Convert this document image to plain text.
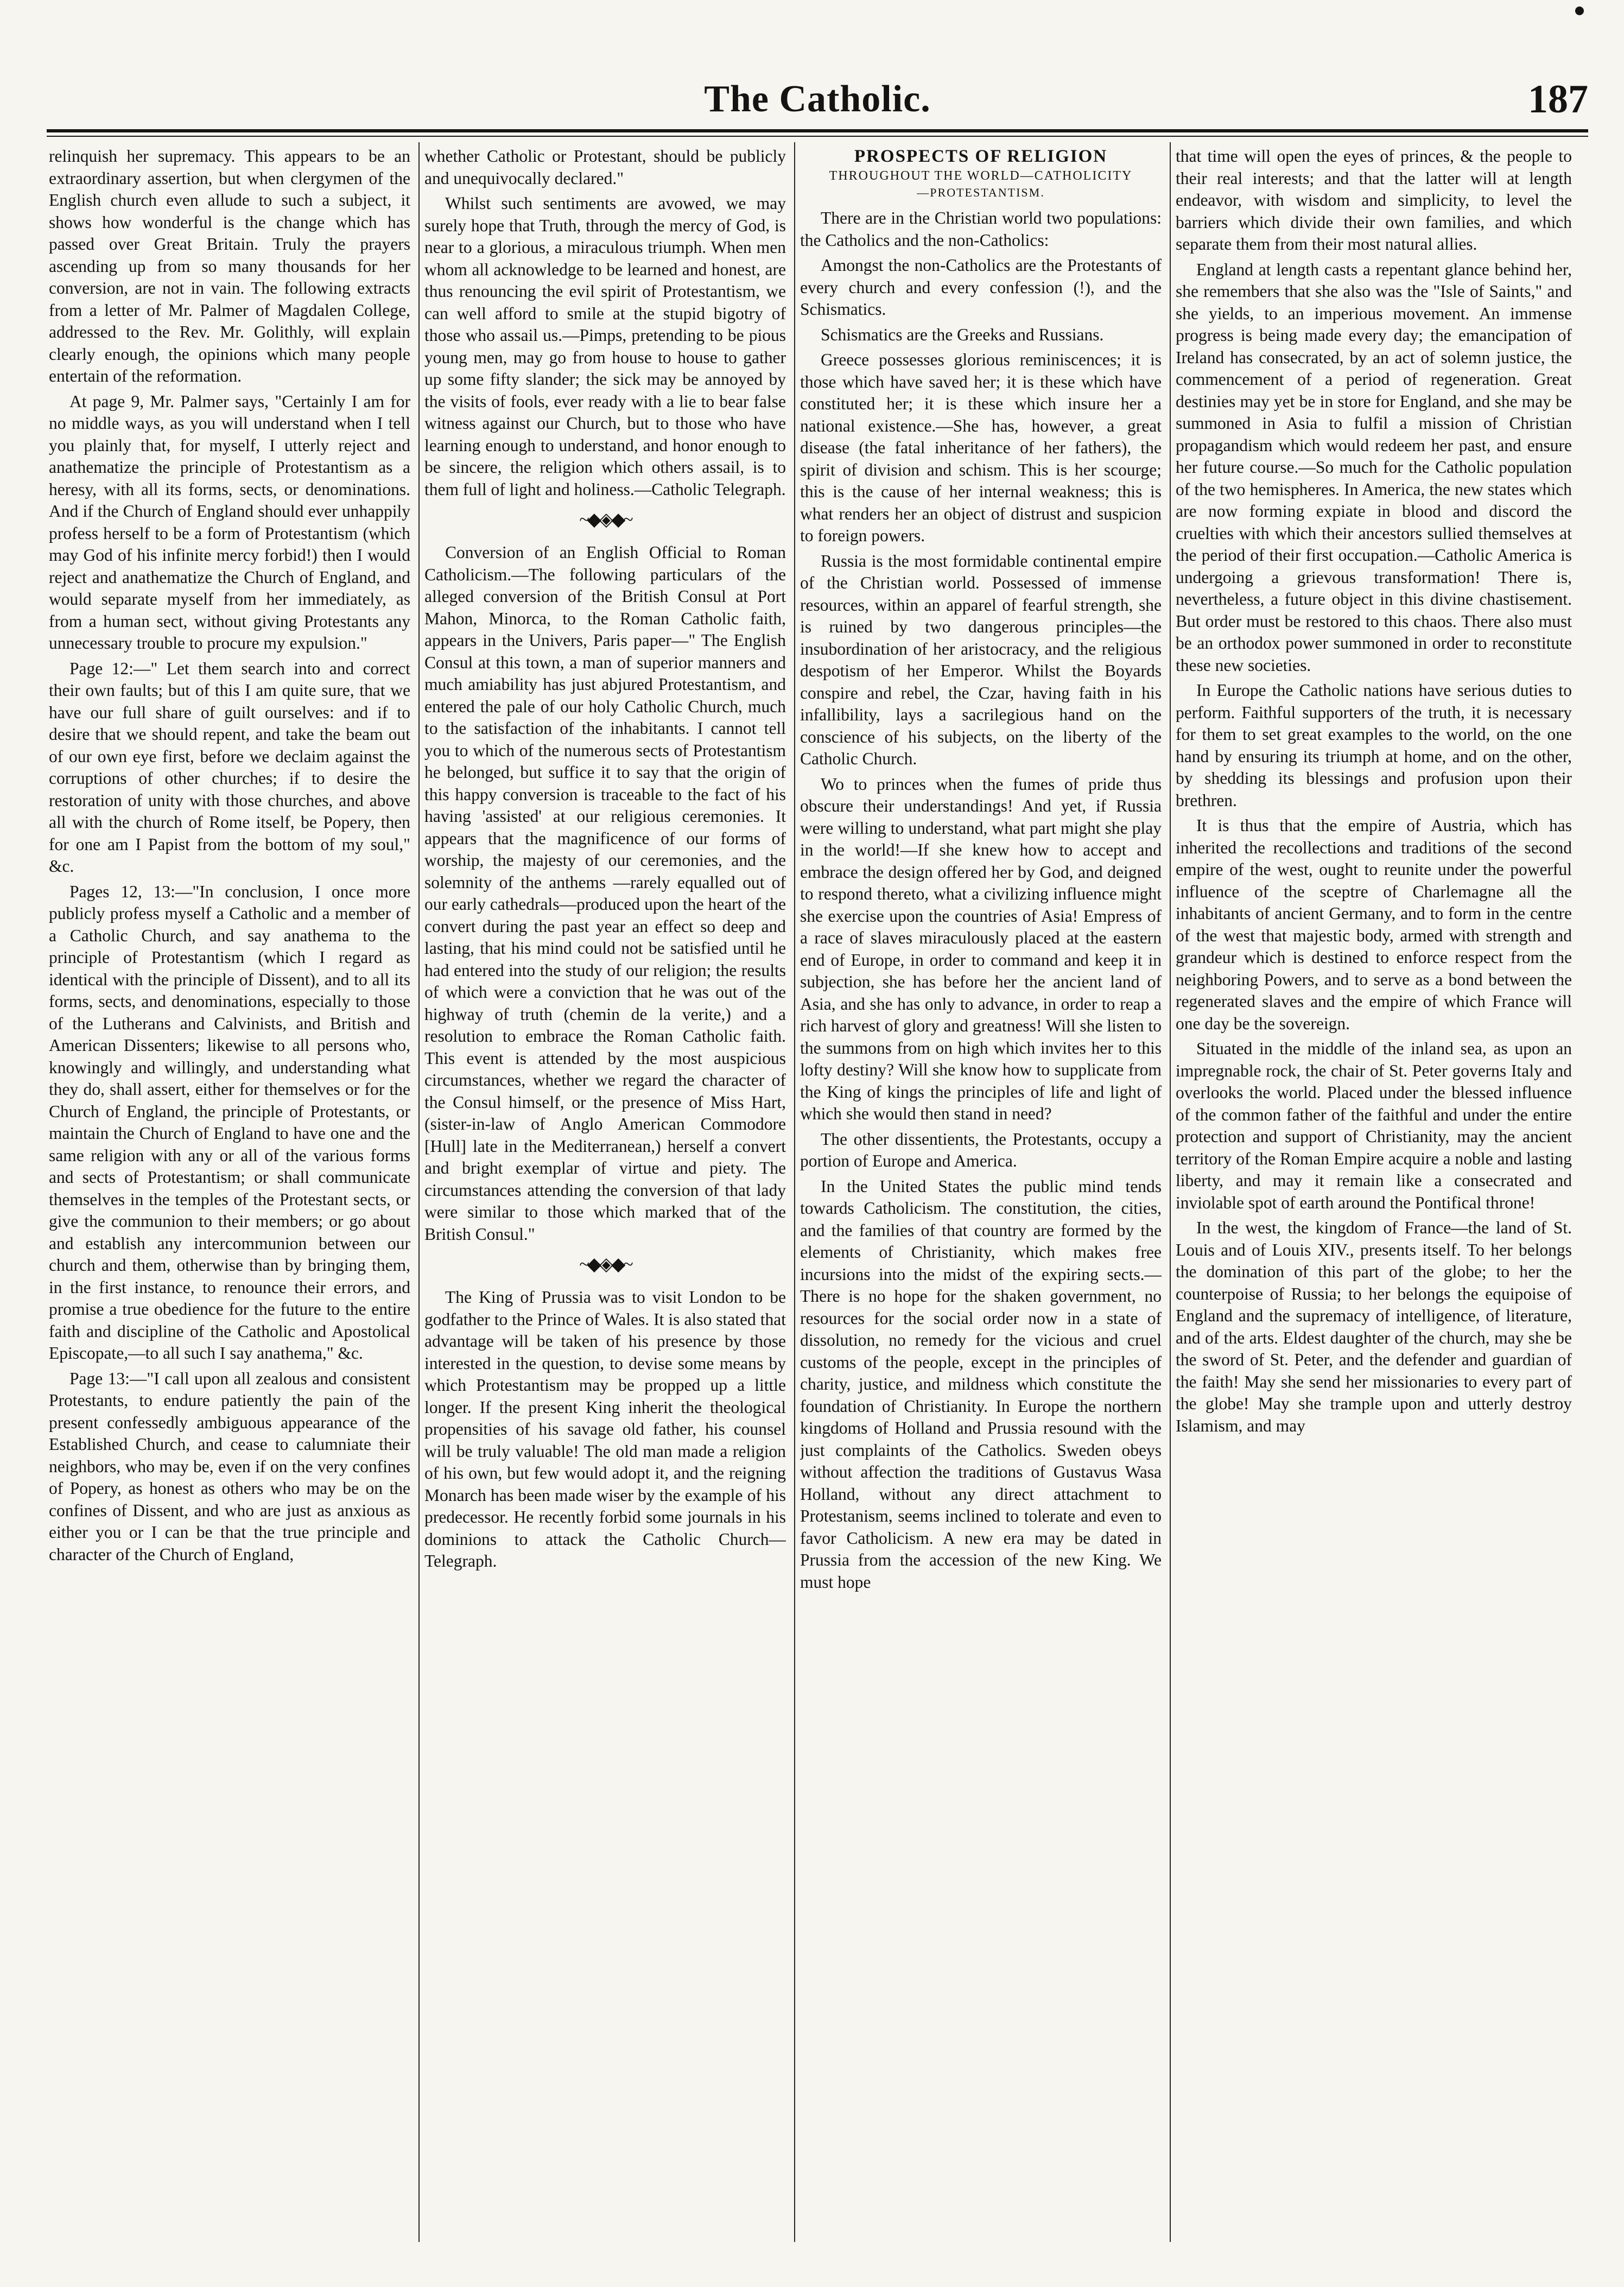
The Catholic.	187

relinquish her supremacy. This appears to be an extraordinary assertion, but when clergymen of the English church even allude to such a subject, it shows how wonderful is the change which has passed over Great Britain. Truly the prayers ascending up from so many thousands for her conversion, are not in vain. The following extracts from a letter of Mr. Palmer of Magdalen College, addressed to the Rev. Mr. Golithly, will explain clearly enough, the opinions which many people entertain of the reformation.

At page 9, Mr. Palmer says, "Certainly I am for no middle ways, as you will understand when I tell you plainly that, for myself, I utterly reject and anathematize the principle of Protestantism as a heresy, with all its forms, sects, or denominations. And if the Church of England should ever unhappily profess herself to be a form of Protestantism (which may God of his infinite mercy forbid!) then I would reject and anathematize the Church of England, and would separate myself from her immediately, as from a human sect, without giving Protestants any unnecessary trouble to procure my expulsion."

Page 12:—" Let them search into and correct their own faults; but of this I am quite sure, that we have our full share of guilt ourselves: and if to desire that we should repent, and take the beam out of our own eye first, before we declaim against the corruptions of other churches; if to desire the restoration of unity with those churches, and above all with the church of Rome itself, be Popery, then for one am I Papist from the bottom of my soul," &c.

Pages 12, 13:—"In conclusion, I once more publicly profess myself a Catholic and a member of a Catholic Church, and say anathema to the principle of Protestantism (which I regard as identical with the principle of Dissent), and to all its forms, sects, and denominations, especially to those of the Lutherans and Calvinists, and British and American Dissenters; likewise to all persons who, knowingly and willingly, and understanding what they do, shall assert, either for themselves or for the Church of England, the principle of Protestants, or maintain the Church of England to have one and the same religion with any or all of the various forms and sects of Protestantism; or shall communicate themselves in the temples of the Protestant sects, or give the communion to their members; or go about and establish any intercommunion between our church and them, otherwise than by bringing them, in the first instance, to renounce their errors, and promise a true obedience for the future to the entire faith and discipline of the Catholic and Apostolical Episcopate,—to all such I say anathema," &c.

Page 13:—"I call upon all zealous and consistent Protestants, to endure patiently the pain of the present confessedly ambiguous appearance of the Established Church, and cease to calumniate their neighbors, who may be, even if on the very confines of Popery, as honest as others who may be on the confines of Dissent, and who are just as anxious as either you or I can be that the true principle and character of the Church of England,

whether Catholic or Protestant, should be publicly and unequivocally declared."

Whilst such sentiments are avowed, we may surely hope that Truth, through the mercy of God, is near to a glorious, a miraculous triumph. When men whom all acknowledge to be learned and honest, are thus renouncing the evil spirit of Protestantism, we can well afford to smile at the stupid bigotry of those who assail us.—Pimps, pretending to be pious young men, may go from house to house to gather up some fifty slander; the sick may be annoyed by the visits of fools, ever ready with a lie to bear false witness against our Church, but to those who have learning enough to understand, and honor enough to be sincere, the religion which others assail, is to them full of light and holiness.—Catholic Telegraph.

~◆◈◆~

Conversion of an English Official to Roman Catholicism.—The following particulars of the alleged conversion of the British Consul at Port Mahon, Minorca, to the Roman Catholic faith, appears in the Univers, Paris paper—" The English Consul at this town, a man of superior manners and much amiability has just abjured Protestantism, and entered the pale of our holy Catholic Church, much to the satisfaction of the inhabitants. I cannot tell you to which of the numerous sects of Protestantism he belonged, but suffice it to say that the origin of this happy conversion is traceable to the fact of his having 'assisted' at our religious ceremonies. It appears that the magnificence of our forms of worship, the majesty of our ceremonies, and the solemnity of the anthems —rarely equalled out of our early cathedrals—produced upon the heart of the convert during the past year an effect so deep and lasting, that his mind could not be satisfied until he had entered into the study of our religion; the results of which were a conviction that he was out of the highway of truth (chemin de la verite,) and a resolution to embrace the Roman Catholic faith. This event is attended by the most auspicious circumstances, whether we regard the character of the Consul himself, or the presence of Miss Hart, (sister-in-law of Anglo American Commodore [Hull] late in the Mediterranean,) herself a convert and bright exemplar of virtue and piety. The circumstances attending the conversion of that lady were similar to those which marked that of the British Consul."

~◆◈◆~

The King of Prussia was to visit London to be godfather to the Prince of Wales. It is also stated that advantage will be taken of his presence by those interested in the question, to devise some means by which Protestantism may be propped up a little longer. If the present King inherit the theological propensities of his savage old father, his counsel will be truly valuable! The old man made a religion of his own, but few would adopt it, and the reigning Monarch has been made wiser by the example of his predecessor. He recently forbid some journals in his dominions to attack the Catholic Church—Telegraph.

PROSPECTS OF RELIGION
THROUGHOUT THE WORLD—CATHOLICITY
—PROTESTANTISM.

There are in the Christian world two populations: the Catholics and the non-Catholics:

Amongst the non-Catholics are the Protestants of every church and every confession (!), and the Schismatics.

Schismatics are the Greeks and Russians.

Greece possesses glorious reminiscences; it is those which have saved her; it is these which have constituted her; it is these which insure her a national existence.—She has, however, a great disease (the fatal inheritance of her fathers), the spirit of division and schism. This is her scourge; this is the cause of her internal weakness; this is what renders her an object of distrust and suspicion to foreign powers.

Russia is the most formidable continental empire of the Christian world. Possessed of immense resources, within an apparel of fearful strength, she is ruined by two dangerous principles—the insubordination of her aristocracy, and the religious despotism of her Emperor. Whilst the Boyards conspire and rebel, the Czar, having faith in his infallibility, lays a sacrilegious hand on the conscience of his subjects, on the liberty of the Catholic Church.

Wo to princes when the fumes of pride thus obscure their understandings! And yet, if Russia were willing to understand, what part might she play in the world!—If she knew how to accept and embrace the design offered her by God, and deigned to respond thereto, what a civilizing influence might she exercise upon the countries of Asia! Empress of a race of slaves miraculously placed at the eastern end of Europe, in order to command and keep it in subjection, she has before her the ancient land of Asia, and she has only to advance, in order to reap a rich harvest of glory and greatness! Will she listen to the summons from on high which invites her to this lofty destiny? Will she know how to supplicate from the King of kings the principles of life and light of which she would then stand in need?

The other dissentients, the Protestants, occupy a portion of Europe and America.

In the United States the public mind tends towards Catholicism. The constitution, the cities, and the families of that country are formed by the elements of Christianity, which makes free incursions into the midst of the expiring sects.—There is no hope for the shaken government, no resources for the social order now in a state of dissolution, no remedy for the vicious and cruel customs of the people, except in the principles of charity, justice, and mildness which constitute the foundation of Christianity. In Europe the northern kingdoms of Holland and Prussia resound with the just complaints of the Catholics. Sweden obeys without affection the traditions of Gustavus Wasa Holland, without any direct attachment to Protestanism, seems inclined to tolerate and even to favor Catholicism. A new era may be dated in Prussia from the accession of the new King. We must hope

that time will open the eyes of princes, & the people to their real interests; and that the latter will at length endeavor, with wisdom and simplicity, to level the barriers which divide their own families, and which separate them from their most natural allies.

England at length casts a repentant glance behind her, she remembers that she also was the "Isle of Saints," and she yields, to an imperious movement. An immense progress is being made every day; the emancipation of Ireland has consecrated, by an act of solemn justice, the commencement of a period of regeneration. Great destinies may yet be in store for England, and she may be summoned in Asia to fulfil a mission of Christian propagandism which would redeem her past, and ensure her future course.—So much for the Catholic population of the two hemispheres. In America, the new states which are now forming expiate in blood and discord the cruelties with which their ancestors sullied themselves at the period of their first occupation.—Catholic America is undergoing a grievous transformation! There is, nevertheless, a future object in this divine chastisement. But order must be restored to this chaos. There also must be an orthodox power summoned in order to reconstitute these new societies.

In Europe the Catholic nations have serious duties to perform. Faithful supporters of the truth, it is necessary for them to set great examples to the world, on the one hand by ensuring its triumph at home, and on the other, by shedding its blessings and profusion upon their brethren.

It is thus that the empire of Austria, which has inherited the recollections and traditions of the second empire of the west, ought to reunite under the powerful influence of the sceptre of Charlemagne all the inhabitants of ancient Germany, and to form in the centre of the west that majestic body, armed with strength and grandeur which is destined to enforce respect from the neighboring Powers, and to serve as a bond between the regenerated slaves and the empire of which France will one day be the sovereign.

Situated in the middle of the inland sea, as upon an impregnable rock, the chair of St. Peter governs Italy and overlooks the world. Placed under the blessed influence of the common father of the faithful and under the entire protection and support of Christianity, may the ancient territory of the Roman Empire acquire a noble and lasting liberty, and may it remain like a consecrated and inviolable spot of earth around the Pontifical throne!

In the west, the kingdom of France—the land of St. Louis and of Louis XIV., presents itself. To her belongs the domination of this part of the globe; to her the counterpoise of Russia; to her belongs the equipoise of England and the supremacy of intelligence, of literature, and of the arts. Eldest daughter of the church, may she be the sword of St. Peter, and the defender and guardian of the faith! May she send her missionaries to every part of the globe! May she trample upon and utterly destroy Islamism, and may
